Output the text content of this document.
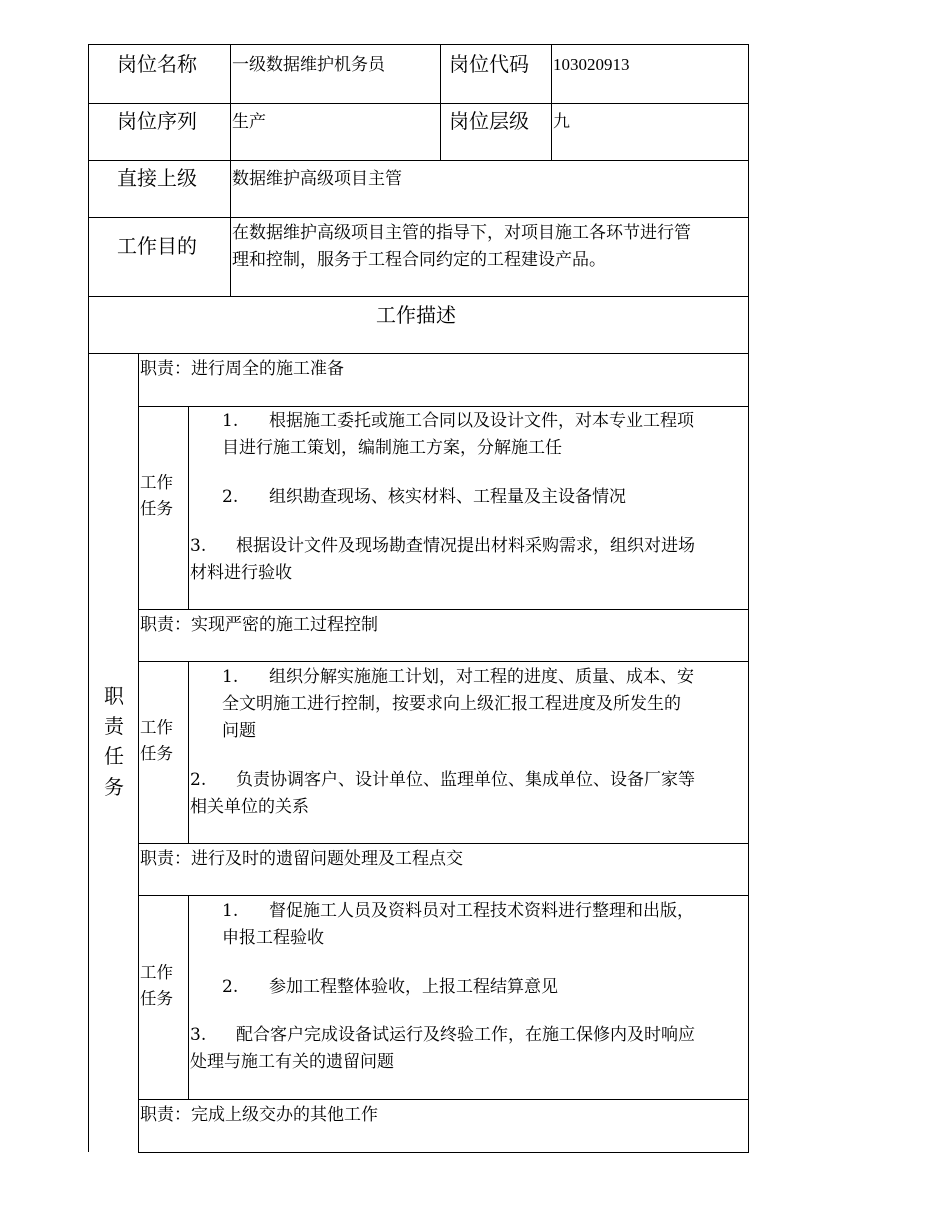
岗位名称 一级数据维护机务员	岗位代码 103020913
岗位序列 生产	岗位层级 九
直接上级 数据维护高级项目主管
工作目的
在数据维护高级项目主管的指导下，对项目施工各环节进行管
理和控制，服务于工程合同约定的工程建设产品。
工作描述
职
责
任
务
职责：进行周全的施工准备
工作
任务
1. 根据施工委托或施工合同以及设计文件，对本专业工程项
目进行施工策划，编制施工方案，分解施工任
2. 组织勘查现场、核实材料、工程量及主设备情况
3. 根据设计文件及现场勘查情况提出材料采购需求，组织对进场
材料进行验收
职责：实现严密的施工过程控制
工作
任务
1. 组织分解实施施工计划，对工程的进度、质量、成本、安
全文明施工进行控制，按要求向上级汇报工程进度及所发生的
问题
2. 负责协调客户、设计单位、监理单位、集成单位、设备厂家等
相关单位的关系
职责：进行及时的遗留问题处理及工程点交
工作
任务
1. 督促施工人员及资料员对工程技术资料进行整理和出版，
申报工程验收
2. 参加工程整体验收，上报工程结算意见
3. 配合客户完成设备试运行及终验工作，在施工保修内及时响应
处理与施工有关的遗留问题
职责：完成上级交办的其他工作
